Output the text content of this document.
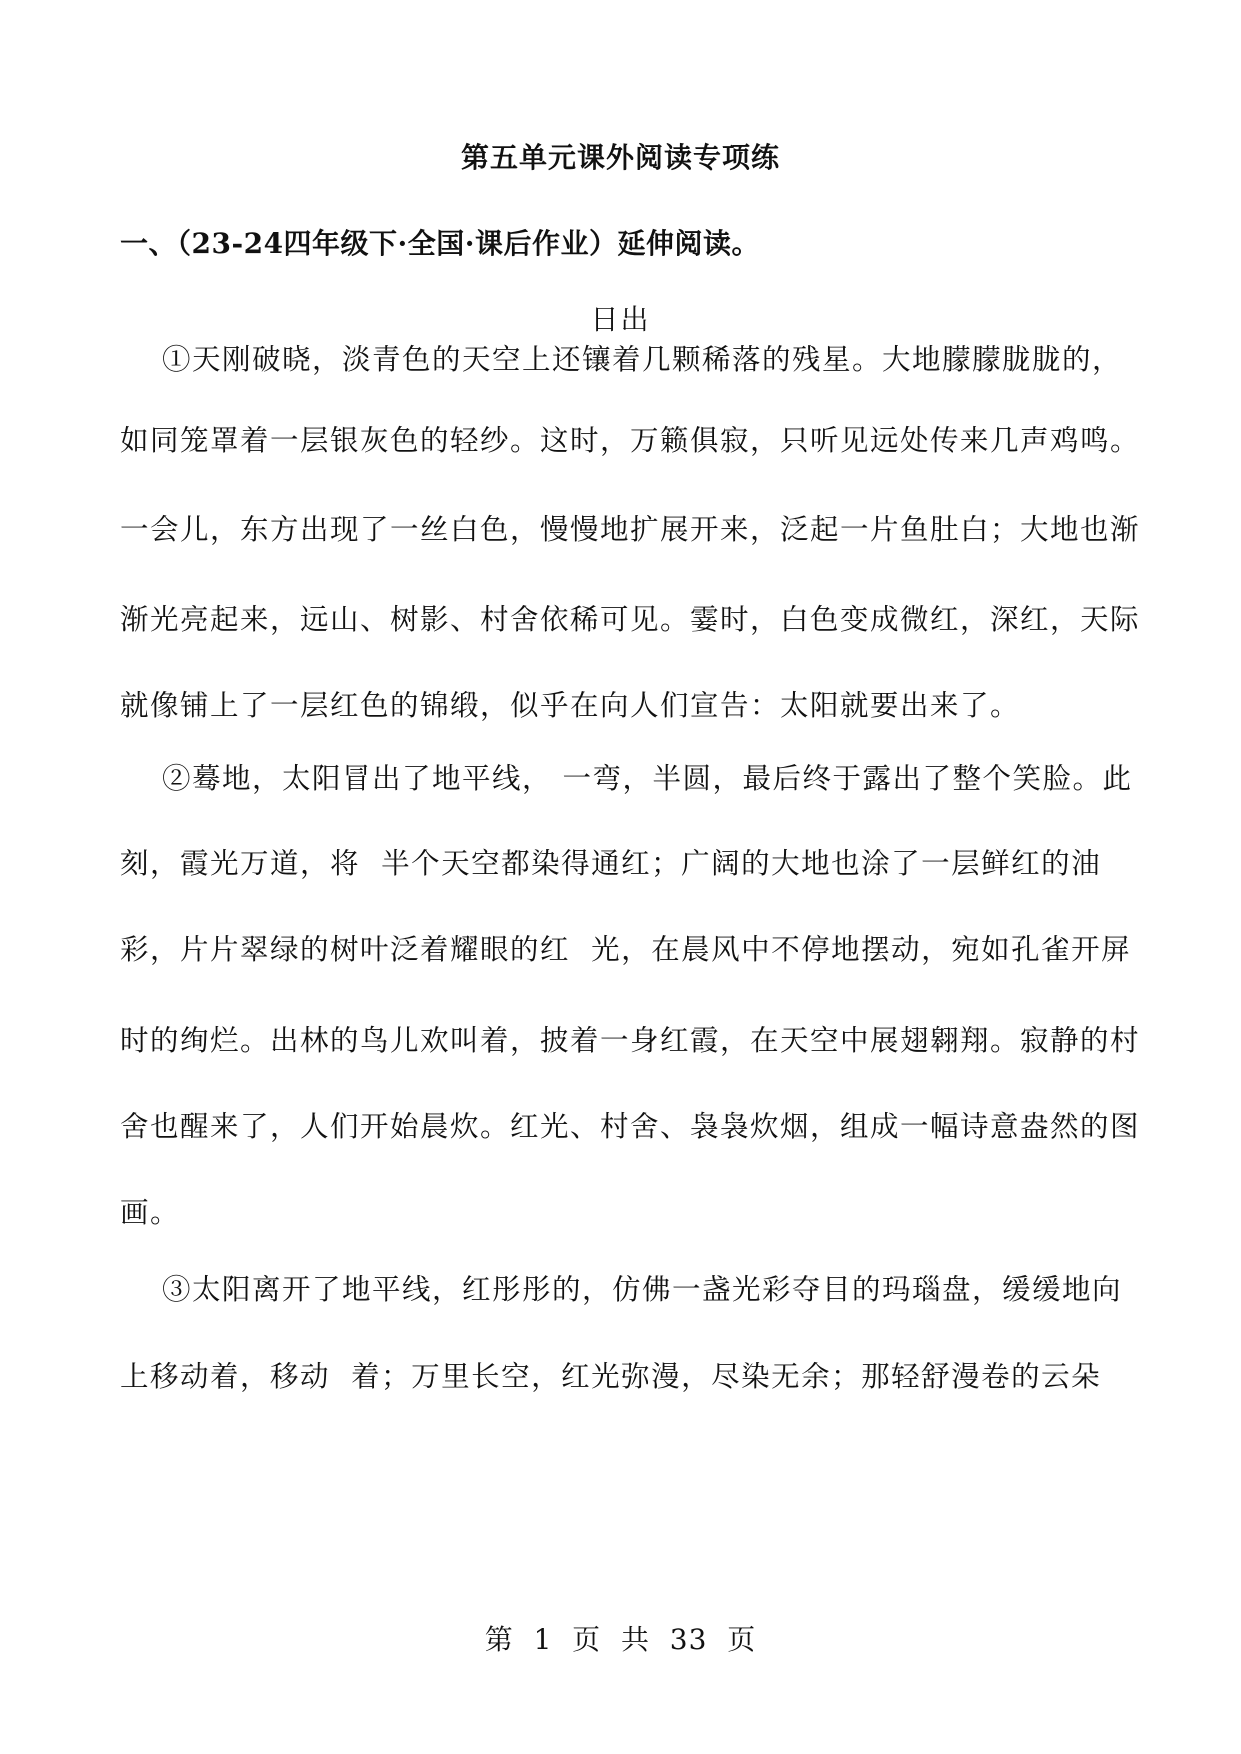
第五单元课外阅读专项练
一、（23-24四年级下·全国·课后作业）延伸阅读。
日出
①天刚破晓，淡青色的天空上还镶着几颗稀落的残星。大地朦朦胧胧的，
如同笼罩着一层银灰色的轻纱。这时，万籁俱寂，只听见远处传来几声鸡鸣。
一会儿，东方出现了一丝白色，慢慢地扩展开来，泛起一片鱼肚白；大地也渐
渐光亮起来，远山、树影、村舍依稀可见。霎时，白色变成微红，深红，天际
就像铺上了一层红色的锦缎，似乎在向人们宣告：太阳就要出来了。
②蓦地，太阳冒出了地平线， 一弯，半圆，最后终于露出了整个笑脸。此
刻，霞光万道，将  半个天空都染得通红；广阔的大地也涂了一层鲜红的油
彩，片片翠绿的树叶泛着耀眼的红  光，在晨风中不停地摆动，宛如孔雀开屏
时的绚烂。出林的鸟儿欢叫着，披着一身红霞，在天空中展翅翱翔。寂静的村
舍也醒来了，人们开始晨炊。红光、村舍、袅袅炊烟，组成一幅诗意盎然的图
画。
③太阳离开了地平线，红彤彤的，仿佛一盏光彩夺目的玛瑙盘，缓缓地向
上移动着，移动  着；万里长空，红光弥漫，尽染无余；那轻舒漫卷的云朵
第  1  页  共  33  页
